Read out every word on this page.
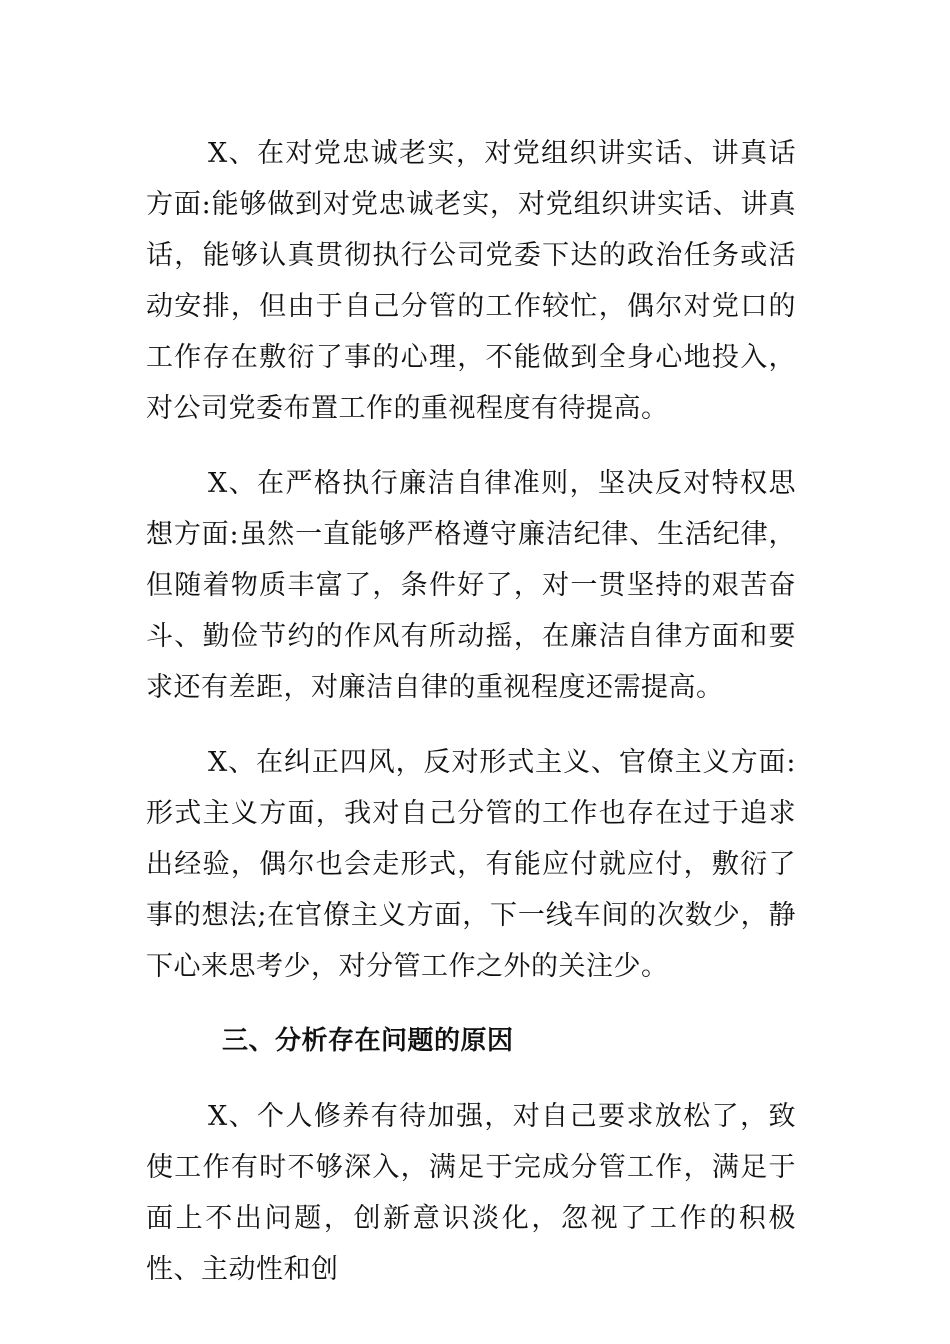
X、在对党忠诚老实，对党组织讲实话、讲真话方面:能够做到对党忠诚老实，对党组织讲实话、讲真话，能够认真贯彻执行公司党委下达的政治任务或活动安排，但由于自己分管的工作较忙，偶尔对党口的工作存在敷衍了事的心理，不能做到全身心地投入，对公司党委布置工作的重视程度有待提高。

X、在严格执行廉洁自律准则，坚决反对特权思想方面:虽然一直能够严格遵守廉洁纪律、生活纪律，但随着物质丰富了，条件好了，对一贯坚持的艰苦奋斗、勤俭节约的作风有所动摇，在廉洁自律方面和要求还有差距，对廉洁自律的重视程度还需提高。

X、在纠正四风，反对形式主义、官僚主义方面:形式主义方面，我对自己分管的工作也存在过于追求出经验，偶尔也会走形式，有能应付就应付，敷衍了事的想法;在官僚主义方面，下一线车间的次数少，静下心来思考少，对分管工作之外的关注少。

三、分析存在问题的原因

X、个人修养有待加强，对自己要求放松了，致使工作有时不够深入，满足于完成分管工作，满足于面上不出问题，创新意识淡化，忽视了工作的积极性、主动性和创
